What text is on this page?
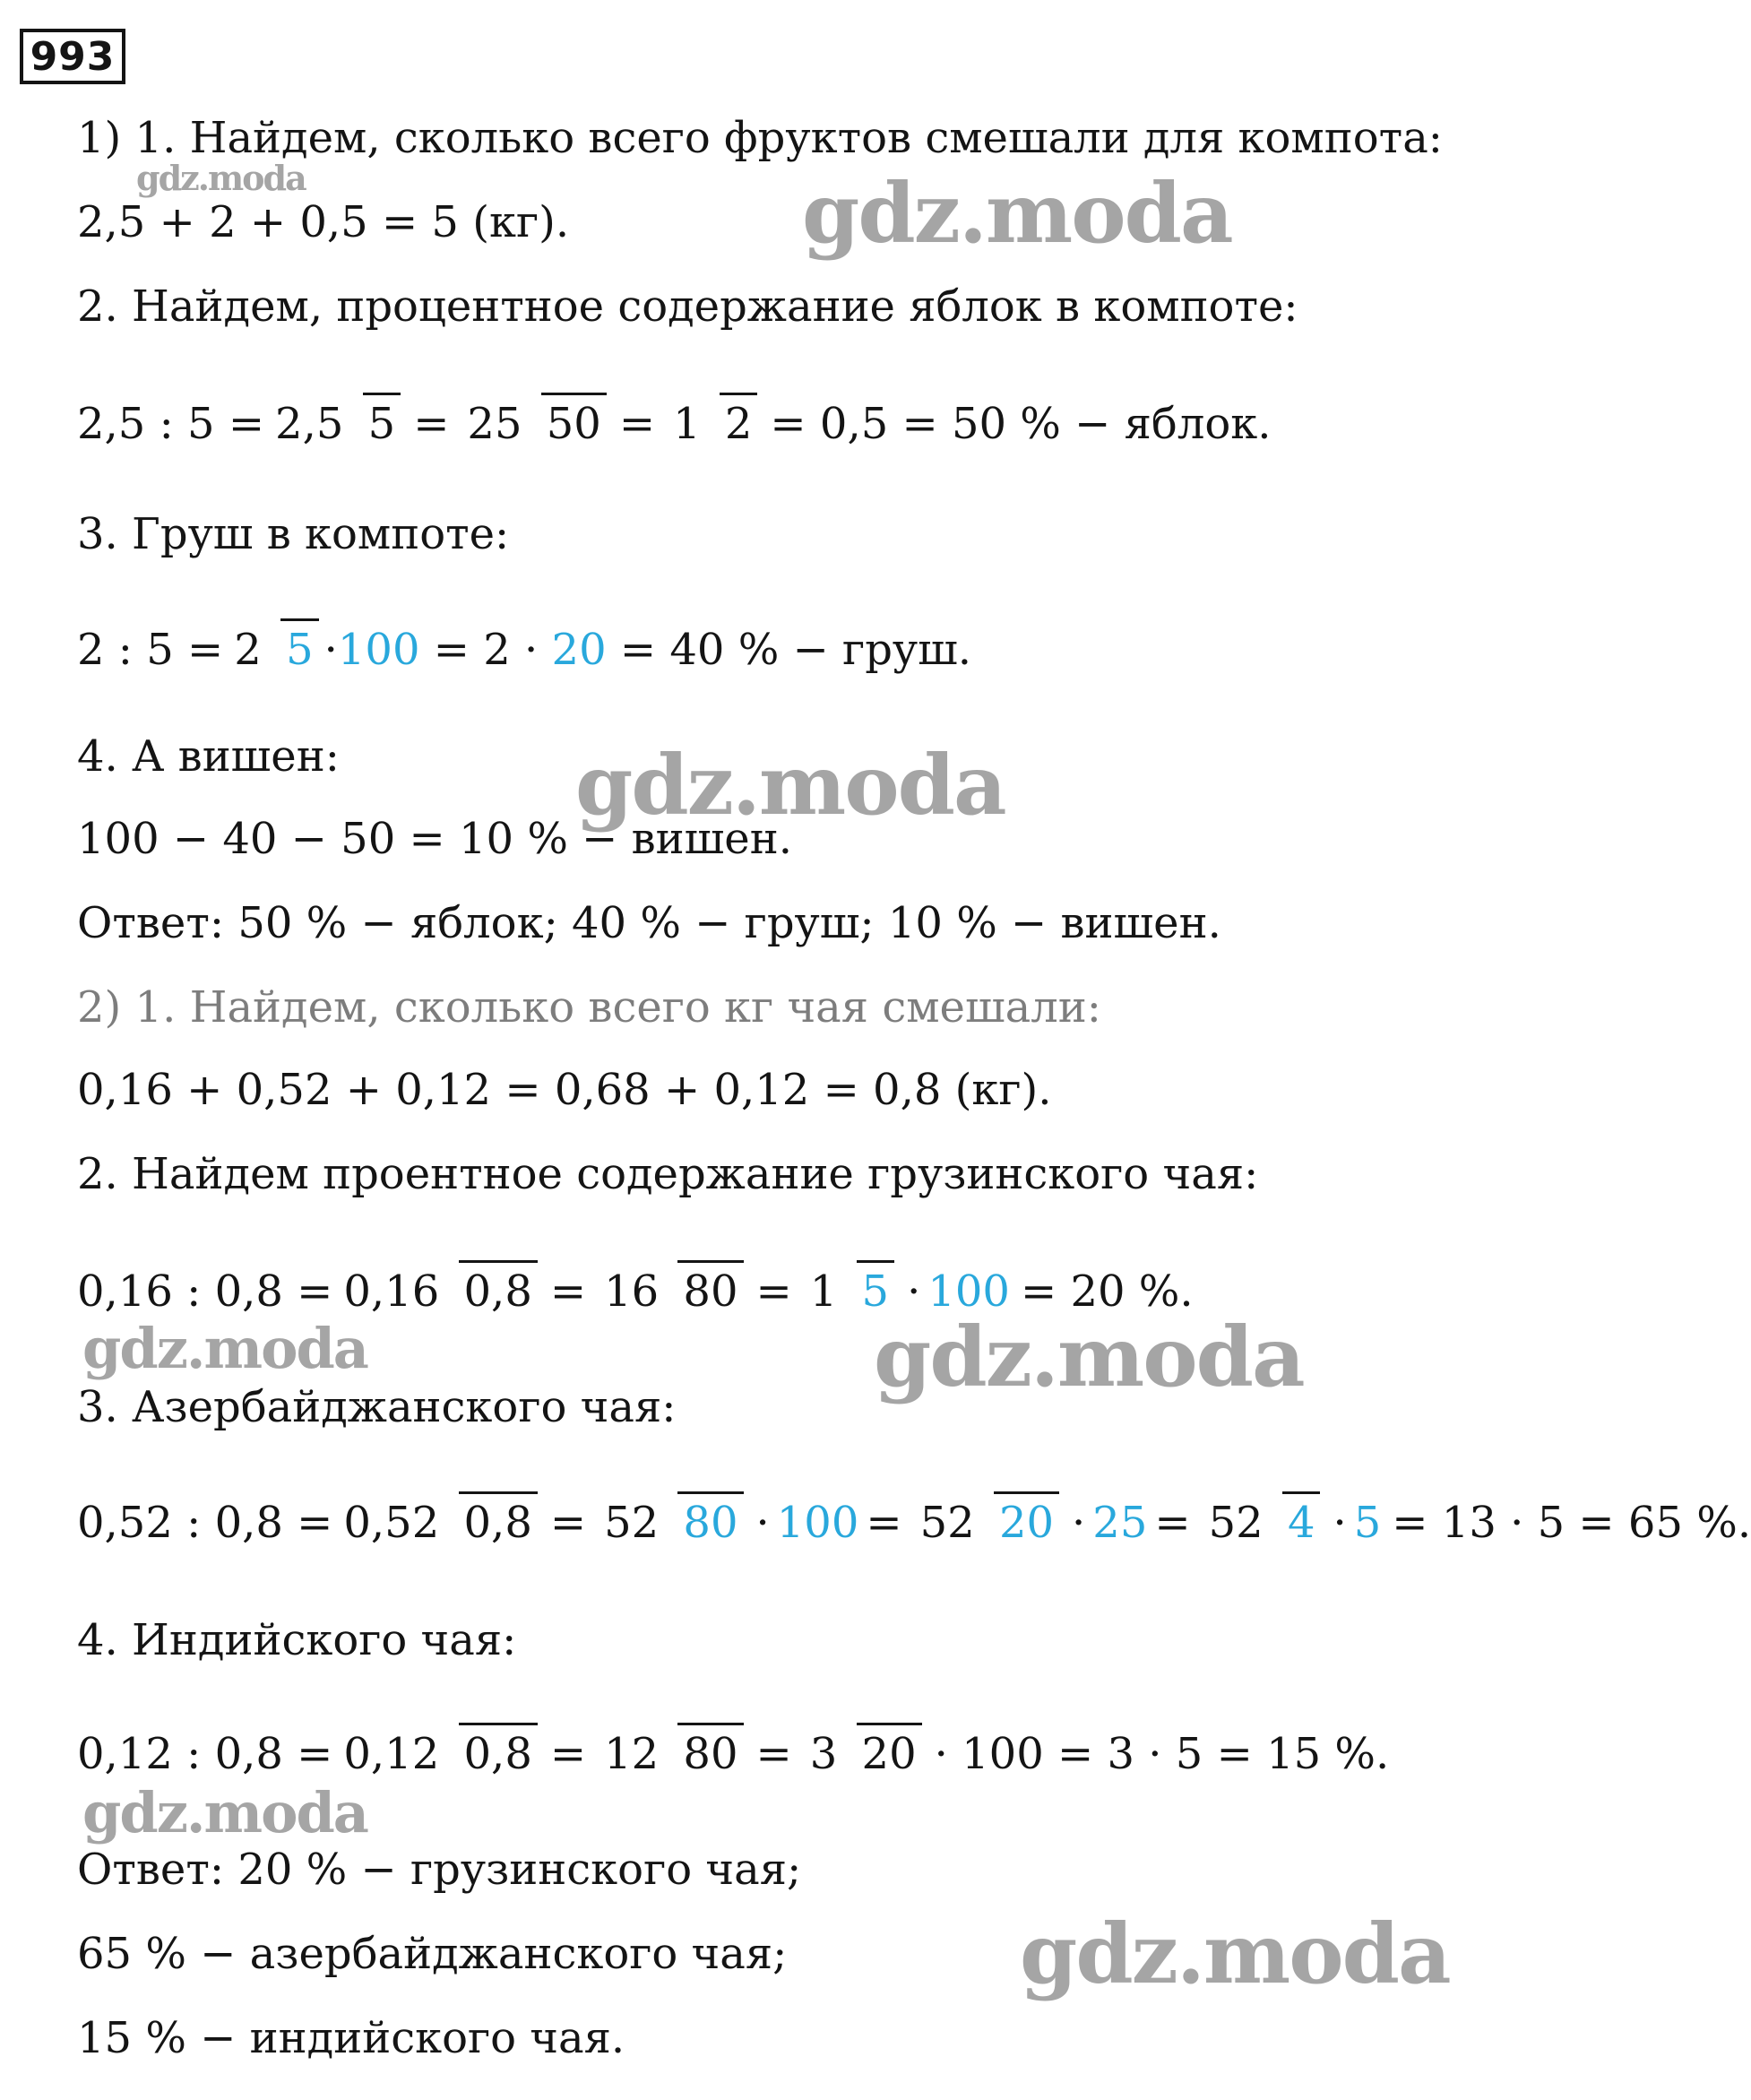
993
1) 1. Найдем, сколько всего фруктов смешали для компота:
2,5 + 2 + 0,5 = 5 (кг).
2. Найдем, процентное содержание яблок в компоте:
2,5 : 5 = 2,5 5 = 25 50 = 1 2 = 0,5 = 50 % − яблок.
3. Груш в компоте:
2 : 5 = 2 5 · 100 = 2 · 20 = 40 % − груш.
4. А вишен:
100 − 40 − 50 = 10 % − вишен.
Ответ: 50 % − яблок; 40 % − груш; 10 % − вишен.
2) 1. Найдем, сколько всего кг чая смешали:
0,16 + 0,52 + 0,12 = 0,68 + 0,12 = 0,8 (кг).
2. Найдем проентное содержание грузинского чая:
0,16 : 0,8 = 0,16 0,8 = 16 80 = 1 5 · 100 = 20 %.
3. Азербайджанского чая:
0,52 : 0,8 = 0,52 0,8 = 52 80 · 100 = 52 20 · 25 = 52 4 · 5 = 13 · 5 = 65 %.
4. Индийского чая:
0,12 : 0,8 = 0,12 0,8 = 12 80 = 3 20 · 100 = 3 · 5 = 15 %.
Ответ: 20 % − грузинского чая;
65 % − азербайджанского чая;
15 % − индийского чая.
gdz.moda	gdz.moda
gdz.moda
gdz.moda	gdz.moda
gdz.moda
gdz.moda
